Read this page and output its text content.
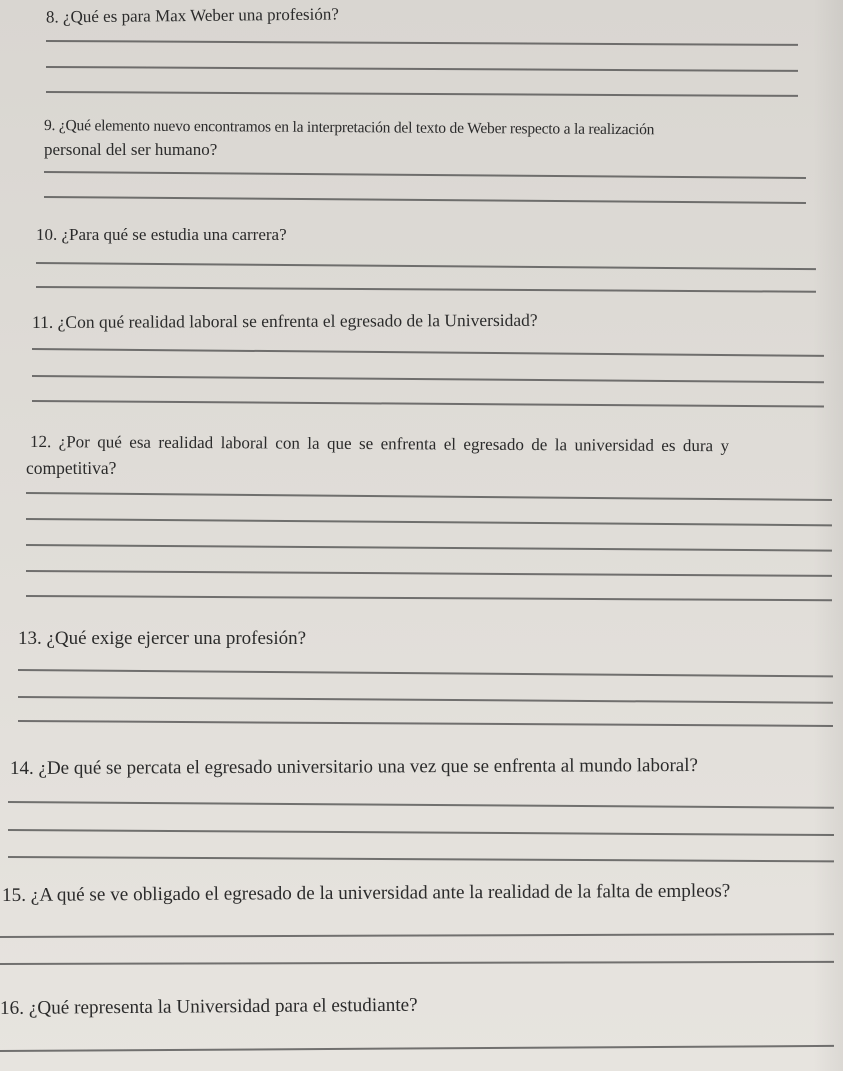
8. ¿Qué es para Max Weber una profesión?

9. ¿Qué elemento nuevo encontramos en la interpretación del texto de Weber respecto a la realización

personal del ser humano?

10. ¿Para qué se estudia una carrera?

11. ¿Con qué realidad laboral se enfrenta el egresado de la Universidad?

12. ¿Por qué esa realidad laboral con la que se enfrenta el egresado de la universidad es dura y

competitiva?

13. ¿Qué exige ejercer una profesión?

14. ¿De qué se percata el egresado universitario una vez que se enfrenta al mundo laboral?

15. ¿A qué se ve obligado el egresado de la universidad ante la realidad de la falta de empleos?

16. ¿Qué representa la Universidad para el estudiante?
